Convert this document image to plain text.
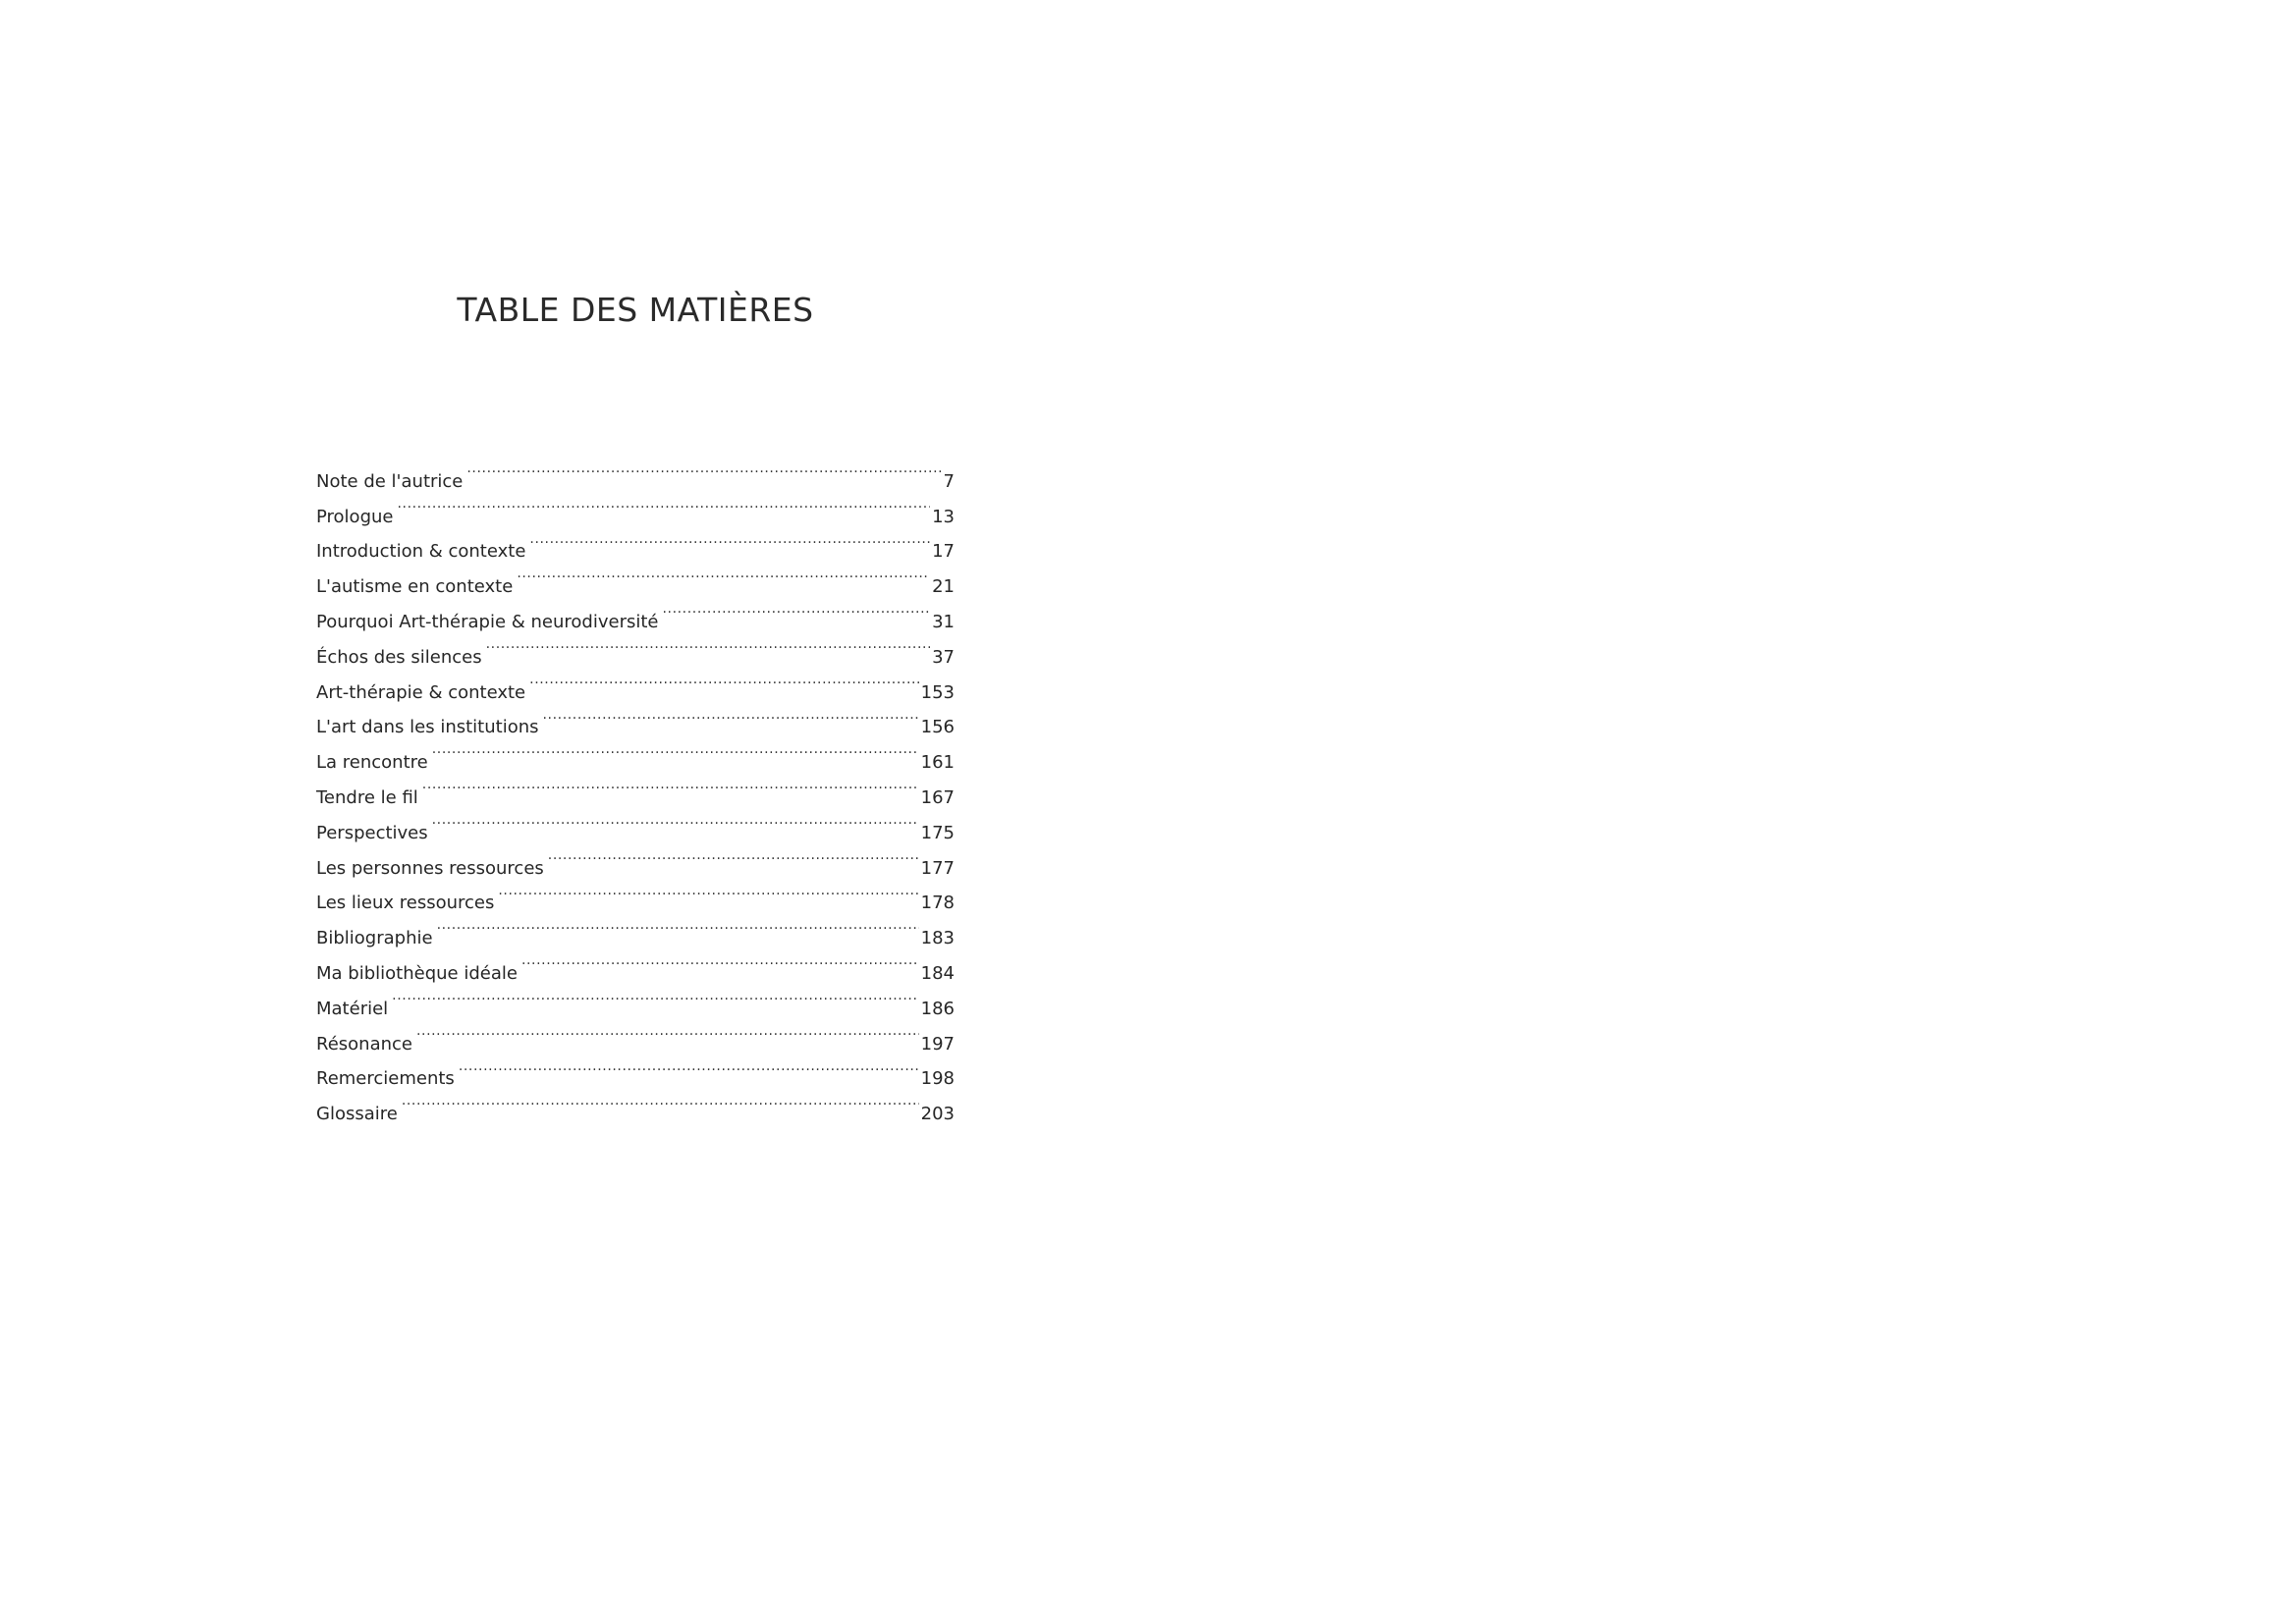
TABLE DES MATIÈRES
Note de l'autrice .....	7
Prologue .....	13
Introduction & contexte .....	17
L'autisme en contexte .....	21
Pourquoi Art-thérapie & neurodiversité .....	31
Échos des silences .....	37
Art-thérapie & contexte .....	153
L'art dans les institutions .....	156
La rencontre .....	161
Tendre le fil .....	167
Perspectives .....	175
Les personnes ressources .....	177
Les lieux ressources .....	178
Bibliographie .....	183
Ma bibliothèque idéale .....	184
Matériel .....	186
Résonance .....	197
Remerciements .....	198
Glossaire .....	203
